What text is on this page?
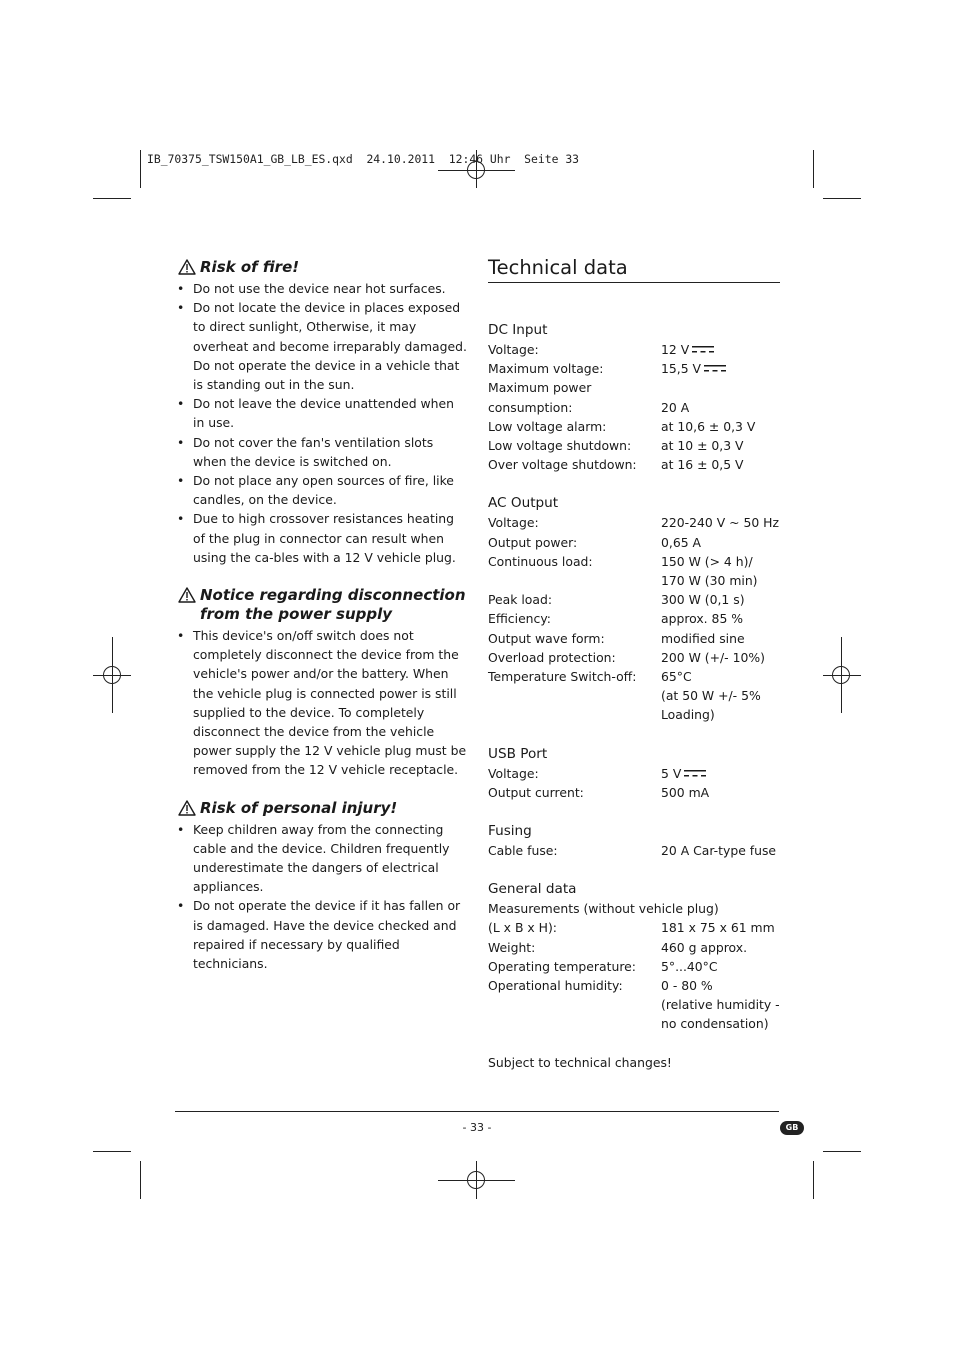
IB_70375_TSW150A1_GB_LB_ES.qxd  24.10.2011  12:46 Uhr  Seite 33
Risk of fire!
• Do not use the device near hot surfaces.
• Do not locate the device in places exposed to direct sunlight, Otherwise, it may overheat and become irreparably damaged. Do not operate the device in a vehicle that is standing out in the sun.
• Do not leave the device unattended when in use.
• Do not cover the fan's ventilation slots when the device is switched on.
• Do not place any open sources of fire, like candles, on the device.
• Due to high crossover resistances heating of the plug in connector can result when using the ca-bles with a 12 V vehicle plug.
Notice regarding disconnection from the power supply
• This device's on/off switch does not completely disconnect the device from the vehicle's power and/or the battery. When the vehicle plug is connected power is still supplied to the device. To completely disconnect the device from the vehicle power supply the 12 V vehicle plug must be removed from the 12 V vehicle receptacle.
Risk of personal injury!
• Keep children away from the connecting cable and the device. Children frequently underestimate the dangers of electrical appliances.
• Do not operate the device if it has fallen or is damaged. Have the device checked and repaired if necessary by qualified technicians.
Technical data
DC Input
Voltage:	12 V
Maximum voltage:	15,5 V
Maximum power
consumption:	20 A
Low voltage alarm:	at 10,6 ± 0,3 V
Low voltage shutdown:	at 10 ± 0,3 V
Over voltage shutdown:	at 16 ± 0,5 V
AC Output
Voltage:	220-240 V ~ 50 Hz
Output power:	0,65 A
Continuous load:	150 W (> 4 h)/
170 W (30 min)
Peak load:	300 W (0,1 s)
Efficiency:	approx. 85 %
Output wave form:	modified sine
Overload protection:	200 W (+/- 10%)
Temperature Switch-off:	65°C
(at 50 W +/- 5%
Loading)
USB Port
Voltage:	5 V
Output current:	500 mA
Fusing
Cable fuse:	20 A Car-type fuse
General data
Measurements (without vehicle plug)
(L x B x H):	181 x 75 x 61 mm
Weight:	460 g approx.
Operating temperature:	5°...40°C
Operational humidity:	0 - 80 %
(relative humidity -
no condensation)
Subject to technical changes!
- 33 -	GB
